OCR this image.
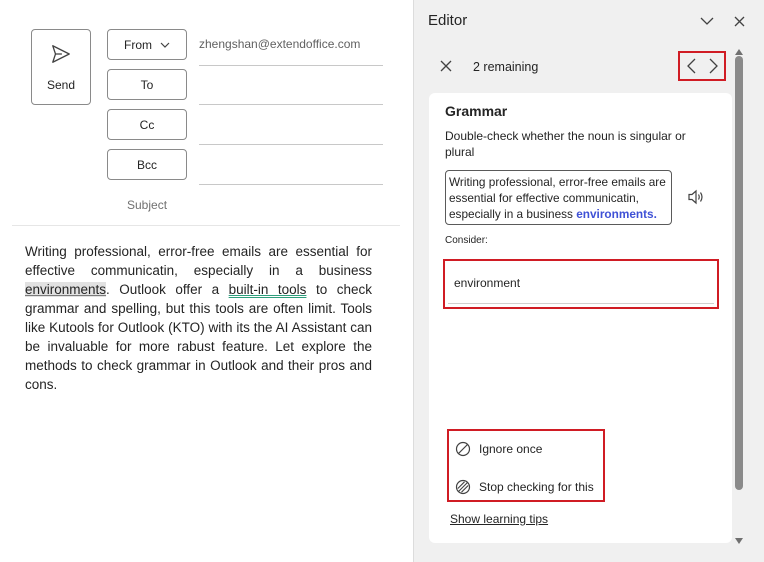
Send
From	zhengshan@extendoffice.com
To
Cc
Bcc
Subject
Writing professional, error-free emails are essential for effective communicatin, especially in a business environments. Outlook offer a built-in tools to check grammar and spelling, but this tools are often limit. Tools like Kutools for Outlook (KTO) with its the AI Assistant can be invaluable for more rabust feature. Let explore the methods to check grammar in Outlook and their pros and cons.
Editor
2 remaining
Grammar
Double-check whether the noun is singular or plural
Writing professional, error-free emails are essential for effective communicatin, especially in a business environments.
Consider:
environment
Ignore once
Stop checking for this
Show learning tips
